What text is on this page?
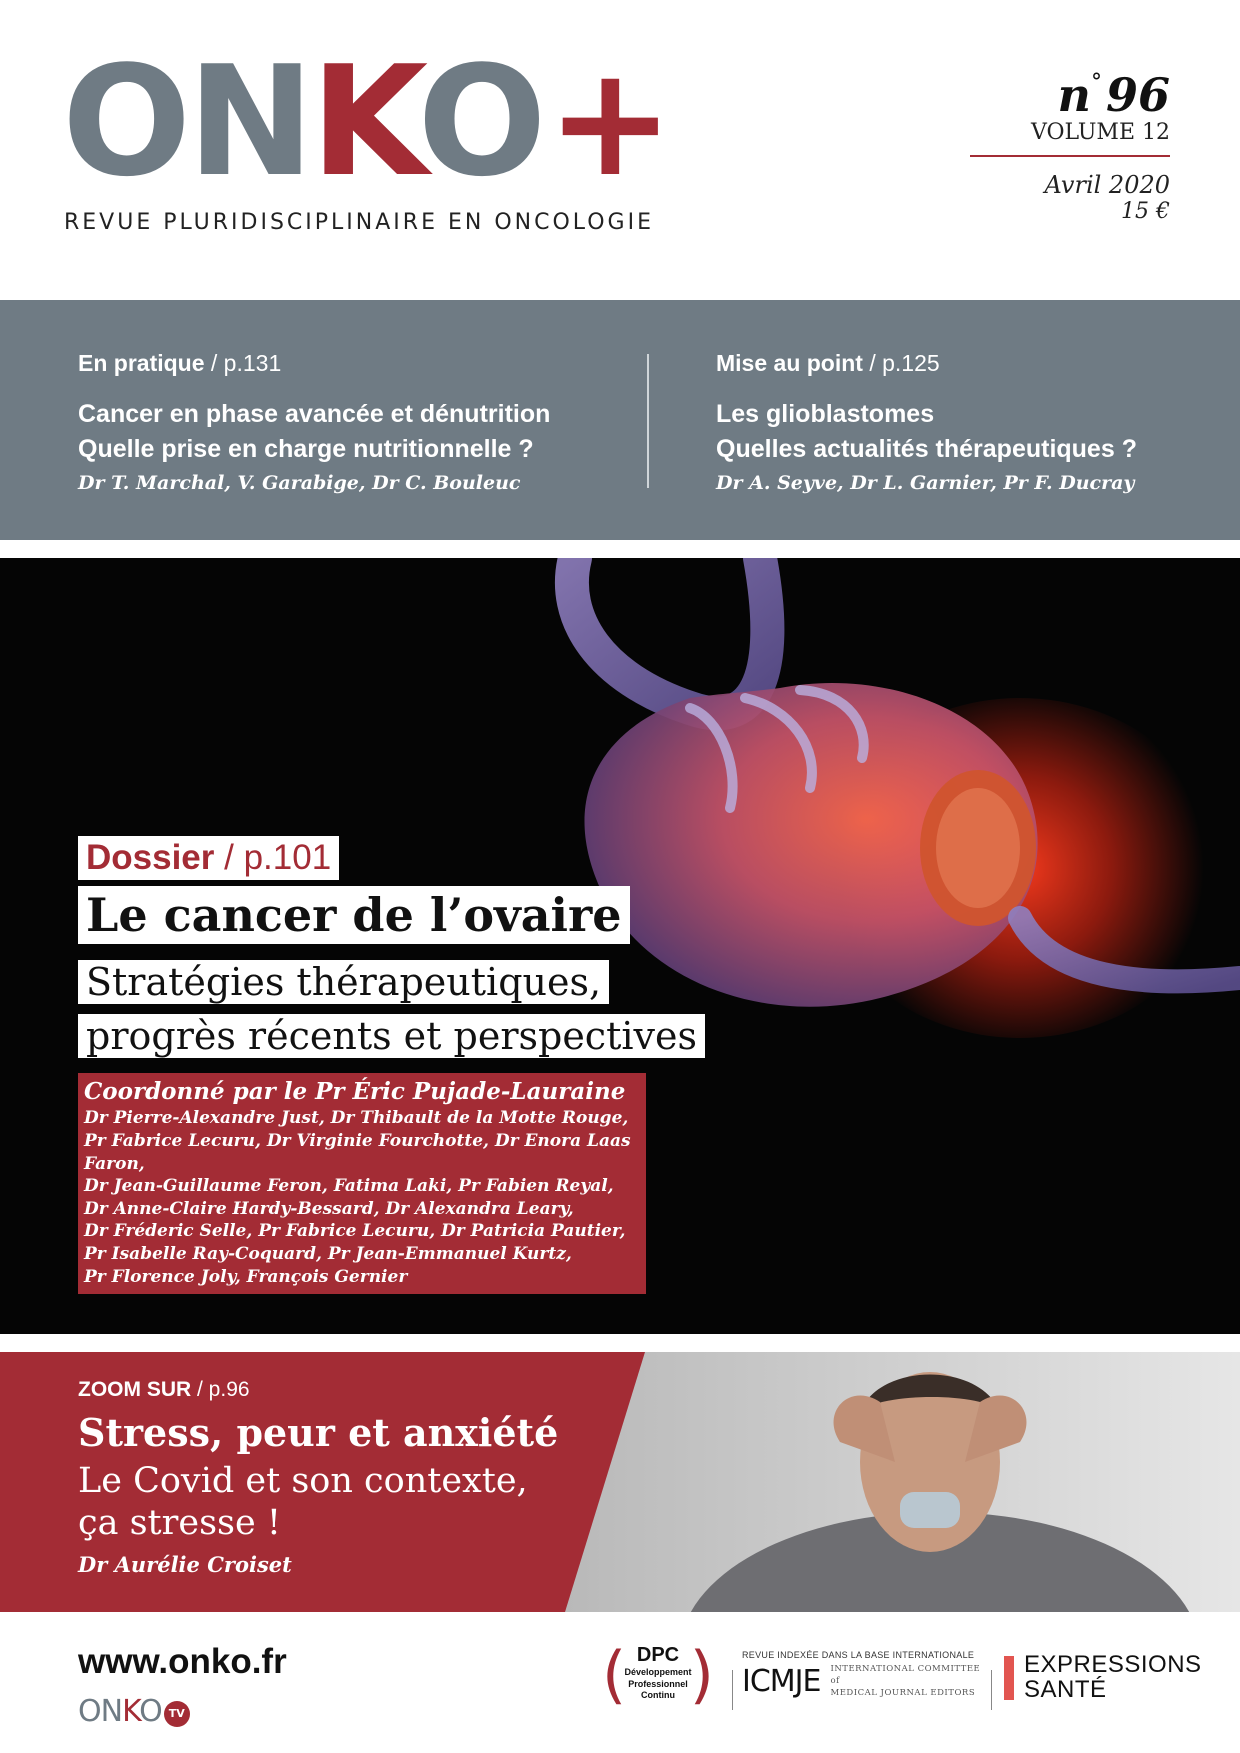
ONKO+
REVUE PLURIDISCIPLINAIRE EN ONCOLOGIE
n°96
VOLUME 12
Avril 2020
15 €
En pratique / p.131
Cancer en phase avancée et dénutrition
Quelle prise en charge nutritionnelle ?
Dr T. Marchal, V. Garabige, Dr C. Bouleuc
Mise au point / p.125
Les glioblastomes
Quelles actualités thérapeutiques ?
Dr A. Seyve, Dr L. Garnier, Pr F. Ducray
Dossier / p.101
Le cancer de l’ovaire
Stratégies thérapeutiques,
progrès récents et perspectives
Coordonné par le Pr Éric Pujade-Lauraine
Dr Pierre-Alexandre Just, Dr Thibault de la Motte Rouge,
Pr Fabrice Lecuru, Dr Virginie Fourchotte, Dr Enora Laas Faron,
Dr Jean-Guillaume Feron, Fatima Laki, Pr Fabien Reyal,
Dr Anne-Claire Hardy-Bessard, Dr Alexandra Leary,
Dr Fréderic Selle, Pr Fabrice Lecuru, Dr Patricia Pautier,
Pr Isabelle Ray-Coquard, Pr Jean-Emmanuel Kurtz,
Pr Florence Joly, François Gernier
ZOOM SUR / p.96
Stress, peur et anxiété
Le Covid et son contexte,
ça stresse !
Dr Aurélie Croiset
www.onko.fr
ONKO TV
( )
DPC
Développement
Professionnel
Continu
REVUE INDEXÉE DANS LA BASE INTERNATIONALE
ICMJE INTERNATIONAL COMMITTEE of
MEDICAL JOURNAL EDITORS
EXPRESSIONS
SANTÉ
